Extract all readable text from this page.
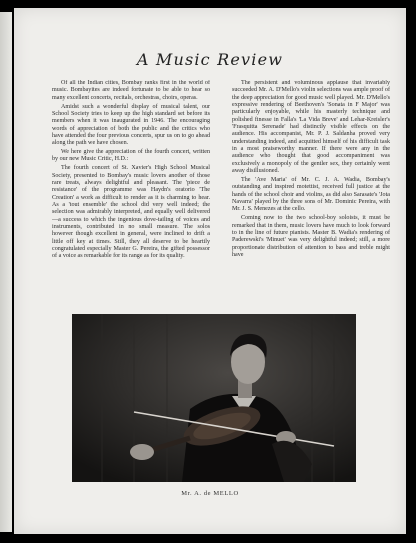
A Music Review

Of all the Indian cities, Bombay ranks first in the world of music. Bombayites are indeed fortunate to be able to hear so many excellent concerts, recitals, orchestras, choirs, operas.

Amidst such a wonderful display of musical talent, our School Society tries to keep up the high standard set before its members when it was inaugurated in 1946. The encouraging words of appreciation of both the public and the critics who have attended the four previous concerts, spur us on to go ahead along the path we have chosen.

We here give the appreciation of the fourth concert, written by our new Music Critic, H.D.:

The fourth concert of St. Xavier's High School Musical Society, presented to Bombay's music lovers another of those rare treats, always delightful and pleasant. The 'piece de resistance' of the programme was Haydn's oratorio 'The Creation' a work as difficult to render as it is charming to hear. As a 'tout ensemble' the school did very well indeed; the selection was admirably interpreted, and equally well delivered—a success to which the ingenious dove-tailing of voices and instruments, contributed in no small measure. The solos however though excellent in general, were inclined to drift a little off key at times. Still, they all deserve to be heartily congratulated especially Master G. Pereira, the gifted possessor of a voice as remarkable for its range as for its quality.

The persistent and voluminous applause that invariably succeeded Mr. A. D'Mello's violin selections was ample proof of the deep appreciation for good music well played. Mr. D'Mello's expressive rendering of Beethoven's 'Sonata in F Major' was particularly enjoyable, while his masterly technique and polished finesse in Falla's 'La Vida Breve' and Lehar-Kreisler's 'Frasquitta Serenade' had distinctly visible effects on the audience. His accompanist, Mr. P. J. Saldanha proved very understanding indeed, and acquitted himself of his difficult task in a most praiseworthy manner. If there were any in the audience who thought that good accompaniment was exclusively a monopoly of the gentler sex, they certainly went away disillusioned.

The 'Ave Maria' of Mr. C. J. A. Wadia, Bombay's outstanding and inspired motettist, received full justice at the hands of the school choir and violins, as did also Sarasate's 'Jota Navarra' played by the three sons of Mr. Dominic Pereira, with Mr. J. S. Menezes at the cello.

Coming now to the two school-boy soloists, it must be remarked that in them, music lovers have much to look forward to in the line of future pianists. Master B. Wadia's rendering of Paderewski's 'Minuet' was very delightful indeed; still, a more proportionate distribution of attention to bass and treble might have

Mr. A. de MELLO
